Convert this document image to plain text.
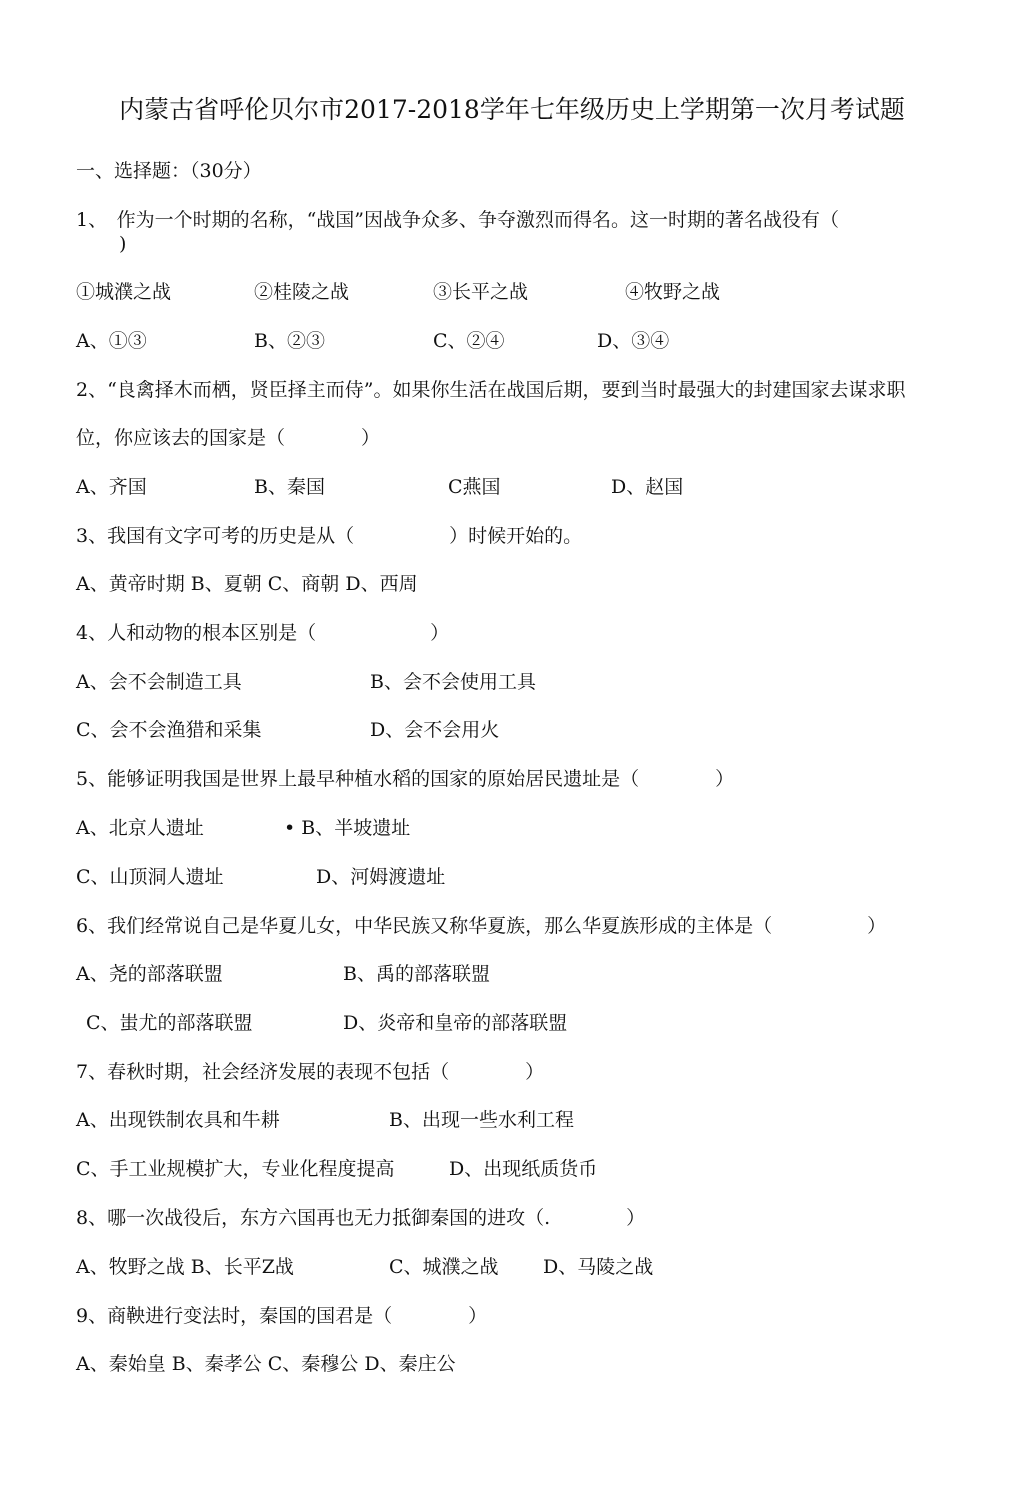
内蒙古省呼伦贝尔市2017-2018学年七年级历史上学期第一次月考试题
一、选择题：（30分）
1、　作为一个时期的名称，“战国”因战争众多、争夺激烈而得名。这一时期的著名战役有（
)
①城濮之战	②桂陵之战	③长平之战	④牧野之战
A、①③	B、②③	C、②④	D、③④
2、“良禽择木而栖，贤臣择主而侍”。如果你生活在战国后期，要到当时最强大的封建国家去谋求职
位，你应该去的国家是（　　　　）
A、齐国	B、秦国	C燕国	D、赵国
3、我国有文字可考的历史是从（　　　　　）时候开始的。
A、黄帝时期 B、夏朝 C、商朝 D、西周
4、人和动物的根本区别是（　　　　　　）
A、会不会制造工具	B、会不会使用工具
C、会不会渔猎和采集	D、会不会用火
5、能够证明我国是世界上最早种植水稻的国家的原始居民遗址是（　　　　）
A、北京人遗址	• B、半坡遗址
C、山顶洞人遗址	D、河姆渡遗址
6、我们经常说自己是华夏儿女，中华民族又称华夏族，那么华夏族形成的主体是（　　　　　）
A、尧的部落联盟	B、禹的部落联盟
C、蚩尤的部落联盟	D、炎帝和皇帝的部落联盟
7、春秋时期，社会经济发展的表现不包括（　　　　）
A、出现铁制农具和牛耕	B、出现一些水利工程
C、手工业规模扩大，专业化程度提高	D、出现纸质货币
8、哪一次战役后，东方六国再也无力抵御秦国的进攻（.　　　　）
A、牧野之战 B、长平Z战	C、城濮之战 D、马陵之战
9、商鞅进行变法时，秦国的国君是（　　　　）
A、秦始皇 B、秦孝公 C、秦穆公 D、秦庄公
